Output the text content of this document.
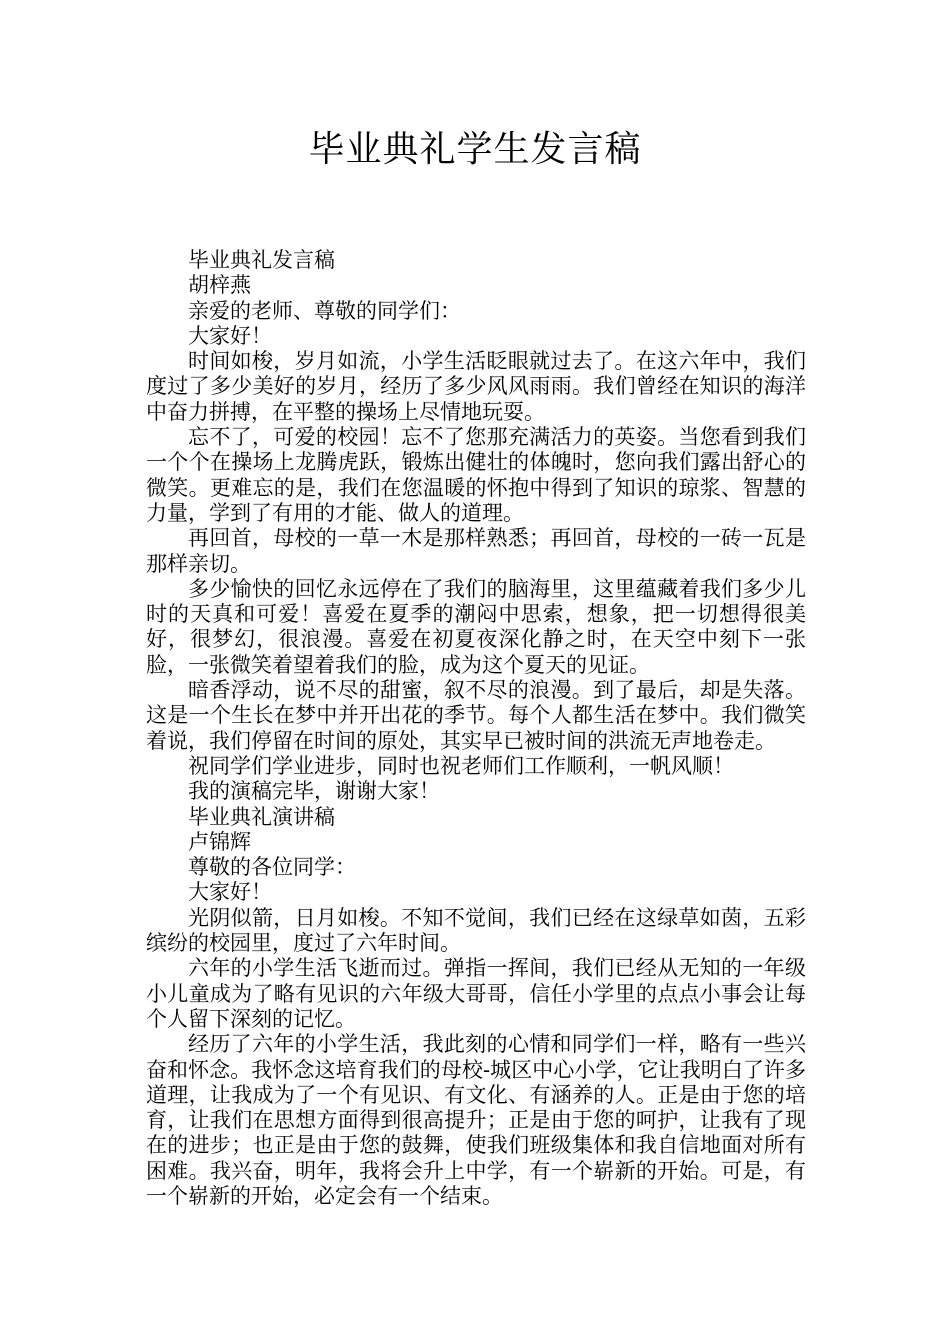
毕业典礼学生发言稿

毕业典礼发言稿

胡梓燕

亲爱的老师、尊敬的同学们：

大家好！

时间如梭，岁月如流，小学生活眨眼就过去了。在这六年中，我们度过了多少美好的岁月，经历了多少风风雨雨。我们曾经在知识的海洋中奋力拼搏，在平整的操场上尽情地玩耍。

忘不了，可爱的校园！忘不了您那充满活力的英姿。当您看到我们一个个在操场上龙腾虎跃，锻炼出健壮的体魄时，您向我们露出舒心的微笑。更难忘的是，我们在您温暖的怀抱中得到了知识的琼浆、智慧的力量，学到了有用的才能、做人的道理。

再回首，母校的一草一木是那样熟悉；再回首，母校的一砖一瓦是那样亲切。

多少愉快的回忆永远停在了我们的脑海里，这里蕴藏着我们多少儿时的天真和可爱！喜爱在夏季的潮闷中思索，想象，把一切想得很美好，很梦幻，很浪漫。喜爱在初夏夜深化静之时，在天空中刻下一张脸，一张微笑着望着我们的脸，成为这个夏天的见证。

暗香浮动，说不尽的甜蜜，叙不尽的浪漫。到了最后，却是失落。这是一个生长在梦中并开出花的季节。每个人都生活在梦中。我们微笑着说，我们停留在时间的原处，其实早已被时间的洪流无声地卷走。

祝同学们学业进步，同时也祝老师们工作顺利，一帆风顺！

我的演稿完毕，谢谢大家！

毕业典礼演讲稿

卢锦辉

尊敬的各位同学：

大家好！

光阴似箭，日月如梭。不知不觉间，我们已经在这绿草如茵，五彩缤纷的校园里，度过了六年时间。

六年的小学生活飞逝而过。弹指一挥间，我们已经从无知的一年级小儿童成为了略有见识的六年级大哥哥，信任小学里的点点小事会让每个人留下深刻的记忆。

经历了六年的小学生活，我此刻的心情和同学们一样，略有一些兴奋和怀念。我怀念这培育我们的母校-城区中心小学，它让我明白了许多道理，让我成为了一个有见识、有文化、有涵养的人。正是由于您的培育，让我们在思想方面得到很高提升；正是由于您的呵护，让我有了现在的进步；也正是由于您的鼓舞，使我们班级集体和我自信地面对所有困难。我兴奋，明年，我将会升上中学，有一个崭新的开始。可是，有一个崭新的开始，必定会有一个结束。
